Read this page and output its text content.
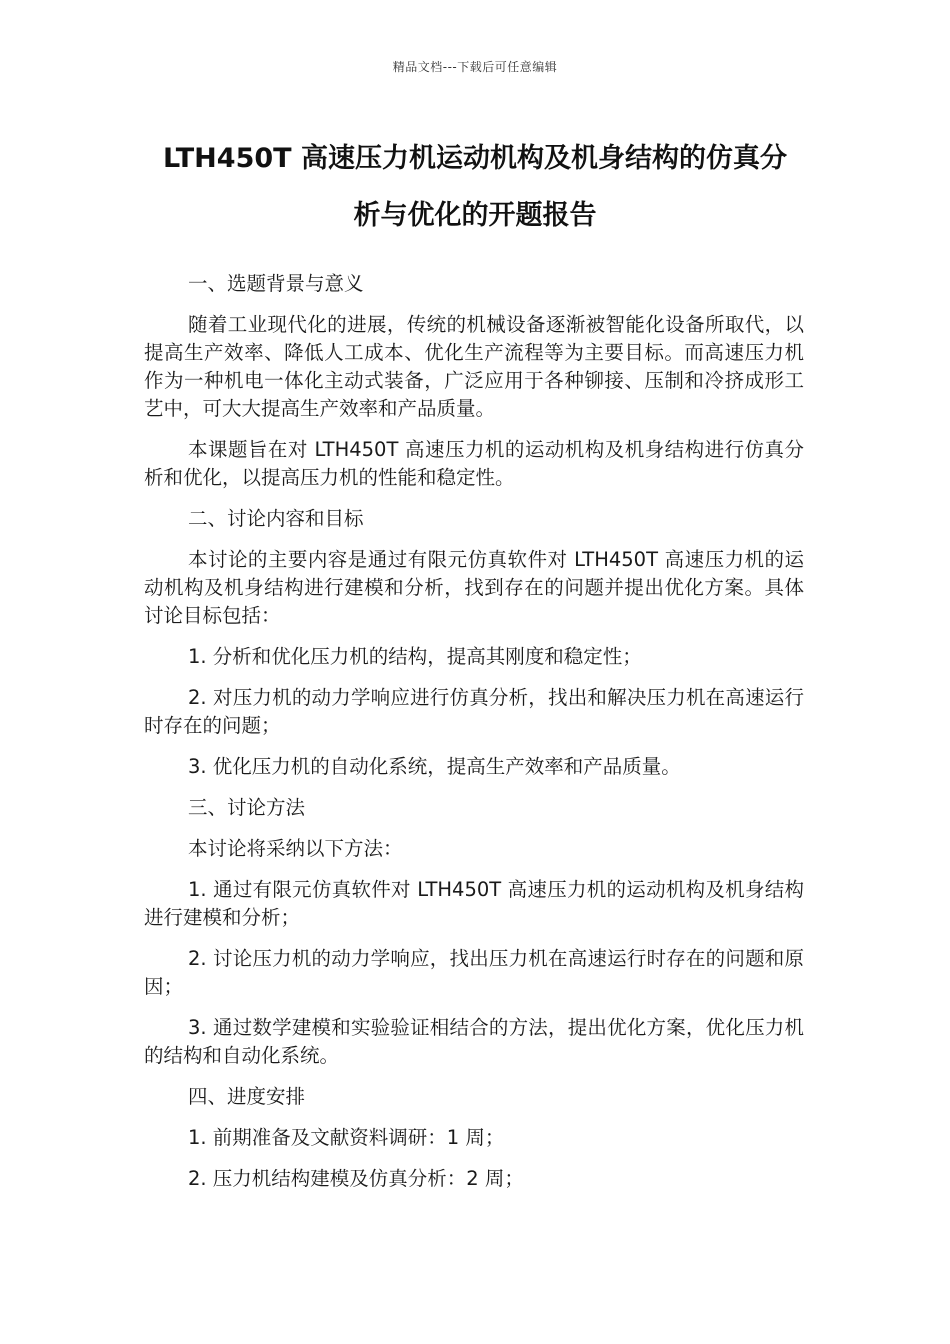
精品文档---下载后可任意编辑
LTH450T 高速压力机运动机构及机身结构的仿真分
析与优化的开题报告

一、选题背景与意义

随着工业现代化的进展，传统的机械设备逐渐被智能化设备所取代，以提高生产效率、降低人工成本、优化生产流程等为主要目标。而高速压力机作为一种机电一体化主动式装备，广泛应用于各种铆接、压制和冷挤成形工艺中，可大大提高生产效率和产品质量。

本课题旨在对 LTH450T 高速压力机的运动机构及机身结构进行仿真分析和优化，以提高压力机的性能和稳定性。

二、讨论内容和目标

本讨论的主要内容是通过有限元仿真软件对 LTH450T 高速压力机的运动机构及机身结构进行建模和分析，找到存在的问题并提出优化方案。具体讨论目标包括：

1. 分析和优化压力机的结构，提高其刚度和稳定性；

2. 对压力机的动力学响应进行仿真分析，找出和解决压力机在高速运行时存在的问题；

3. 优化压力机的自动化系统，提高生产效率和产品质量。

三、讨论方法

本讨论将采纳以下方法：

1. 通过有限元仿真软件对 LTH450T 高速压力机的运动机构及机身结构进行建模和分析；

2. 讨论压力机的动力学响应，找出压力机在高速运行时存在的问题和原因；

3. 通过数学建模和实验验证相结合的方法，提出优化方案，优化压力机的结构和自动化系统。

四、进度安排

1. 前期准备及文献资料调研：1 周；

2. 压力机结构建模及仿真分析：2 周；
